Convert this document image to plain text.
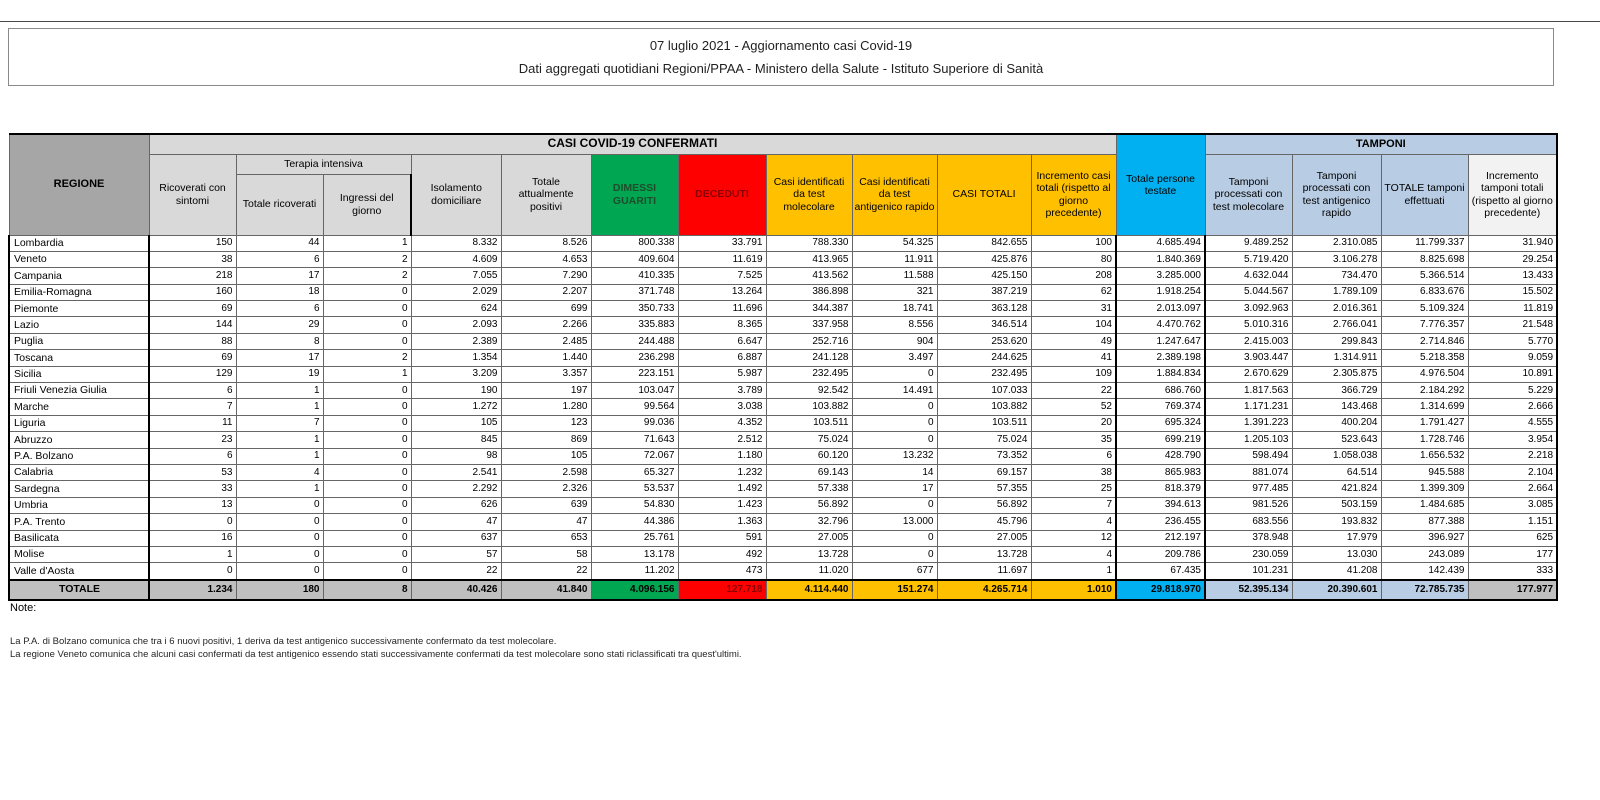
07 luglio 2021 - Aggiornamento casi Covid-19
Dati aggregati quotidiani Regioni/PPAA - Ministero della Salute - Istituto Superiore di Sanità
REGIONE	CASI COVID-19 CONFERMATI											Totale persone testate	TAMPONI			
	Ricoverati con sintomi	Terapia intensiva		Isolamento domiciliare	Totale attualmente positivi	DIMESSI GUARITI	DECEDUTI	Casi identificati da test molecolare	Casi identificati da test antigenico rapido	CASI TOTALI	Incremento casi totali (rispetto al giorno precedente)		Tamponi processati con test molecolare	Tamponi processati con test antigenico rapido	TOTALE tamponi effettuati	Incremento tamponi totali (rispetto al giorno precedente)
		Totale ricoverati	Ingressi del giorno													
Lombardia	150	44	1	8.332	8.526	800.338	33.791	788.330	54.325	842.655	100	4.685.494	9.489.252	2.310.085	11.799.337	31.940
Veneto	38	6	2	4.609	4.653	409.604	11.619	413.965	11.911	425.876	80	1.840.369	5.719.420	3.106.278	8.825.698	29.254
Campania	218	17	2	7.055	7.290	410.335	7.525	413.562	11.588	425.150	208	3.285.000	4.632.044	734.470	5.366.514	13.433
Emilia-Romagna	160	18	0	2.029	2.207	371.748	13.264	386.898	321	387.219	62	1.918.254	5.044.567	1.789.109	6.833.676	15.502
Piemonte	69	6	0	624	699	350.733	11.696	344.387	18.741	363.128	31	2.013.097	3.092.963	2.016.361	5.109.324	11.819
Lazio	144	29	0	2.093	2.266	335.883	8.365	337.958	8.556	346.514	104	4.470.762	5.010.316	2.766.041	7.776.357	21.548
Puglia	88	8	0	2.389	2.485	244.488	6.647	252.716	904	253.620	49	1.247.647	2.415.003	299.843	2.714.846	5.770
Toscana	69	17	2	1.354	1.440	236.298	6.887	241.128	3.497	244.625	41	2.389.198	3.903.447	1.314.911	5.218.358	9.059
Sicilia	129	19	1	3.209	3.357	223.151	5.987	232.495	0	232.495	109	1.884.834	2.670.629	2.305.875	4.976.504	10.891
Friuli Venezia Giulia	6	1	0	190	197	103.047	3.789	92.542	14.491	107.033	22	686.760	1.817.563	366.729	2.184.292	5.229
Marche	7	1	0	1.272	1.280	99.564	3.038	103.882	0	103.882	52	769.374	1.171.231	143.468	1.314.699	2.666
Liguria	11	7	0	105	123	99.036	4.352	103.511	0	103.511	20	695.324	1.391.223	400.204	1.791.427	4.555
Abruzzo	23	1	0	845	869	71.643	2.512	75.024	0	75.024	35	699.219	1.205.103	523.643	1.728.746	3.954
P.A. Bolzano	6	1	0	98	105	72.067	1.180	60.120	13.232	73.352	6	428.790	598.494	1.058.038	1.656.532	2.218
Calabria	53	4	0	2.541	2.598	65.327	1.232	69.143	14	69.157	38	865.983	881.074	64.514	945.588	2.104
Sardegna	33	1	0	2.292	2.326	53.537	1.492	57.338	17	57.355	25	818.379	977.485	421.824	1.399.309	2.664
Umbria	13	0	0	626	639	54.830	1.423	56.892	0	56.892	7	394.613	981.526	503.159	1.484.685	3.085
P.A. Trento	0	0	0	47	47	44.386	1.363	32.796	13.000	45.796	4	236.455	683.556	193.832	877.388	1.151
Basilicata	16	0	0	637	653	25.761	591	27.005	0	27.005	12	212.197	378.948	17.979	396.927	625
Molise	1	0	0	57	58	13.178	492	13.728	0	13.728	4	209.786	230.059	13.030	243.089	177
Valle d'Aosta	0	0	0	22	22	11.202	473	11.020	677	11.697	1	67.435	101.231	41.208	142.439	333
TOTALE	1.234	180	8	40.426	41.840	4.096.156	127.718	4.114.440	151.274	4.265.714	1.010	29.818.970	52.395.134	20.390.601	72.785.735	177.977
Note:
La P.A. di Bolzano comunica che tra i 6 nuovi positivi, 1 deriva da test antigenico successivamente confermato da test molecolare.
La regione Veneto comunica che alcuni casi confermati da test antigenico essendo stati successivamente confermati da test molecolare sono stati riclassificati tra quest'ultimi.
